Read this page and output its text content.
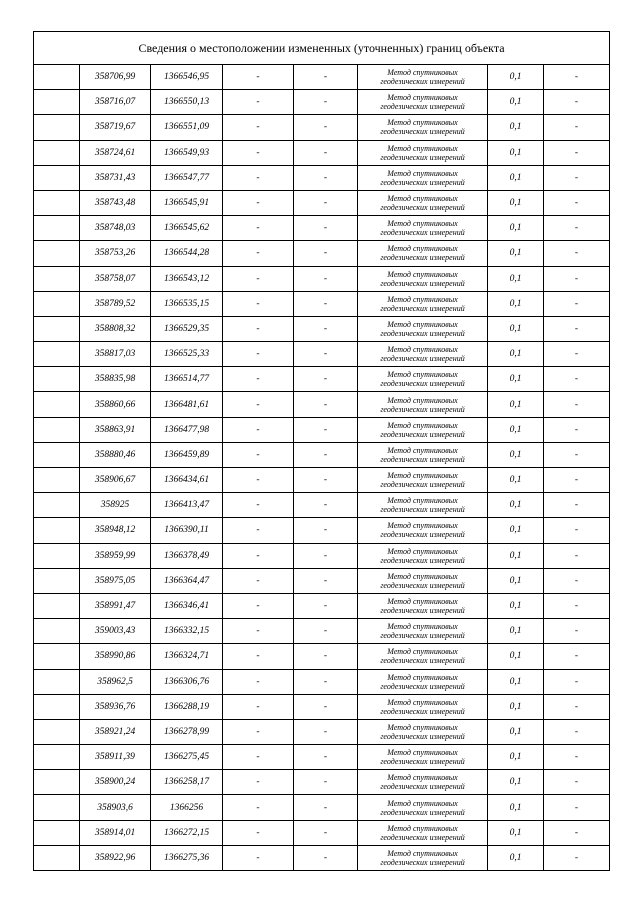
Сведения о местоположении измененных (уточненных) границ объекта							
	358706,99	1366546,95	-	-	Метод спутниковых
геодезических измерений	0,1	-
	358716,07	1366550,13	-	-	Метод спутниковых
геодезических измерений	0,1	-
	358719,67	1366551,09	-	-	Метод спутниковых
геодезических измерений	0,1	-
	358724,61	1366549,93	-	-	Метод спутниковых
геодезических измерений	0,1	-
	358731,43	1366547,77	-	-	Метод спутниковых
геодезических измерений	0,1	-
	358743,48	1366545,91	-	-	Метод спутниковых
геодезических измерений	0,1	-
	358748,03	1366545,62	-	-	Метод спутниковых
геодезических измерений	0,1	-
	358753,26	1366544,28	-	-	Метод спутниковых
геодезических измерений	0,1	-
	358758,07	1366543,12	-	-	Метод спутниковых
геодезических измерений	0,1	-
	358789,52	1366535,15	-	-	Метод спутниковых
геодезических измерений	0,1	-
	358808,32	1366529,35	-	-	Метод спутниковых
геодезических измерений	0,1	-
	358817,03	1366525,33	-	-	Метод спутниковых
геодезических измерений	0,1	-
	358835,98	1366514,77	-	-	Метод спутниковых
геодезических измерений	0,1	-
	358860,66	1366481,61	-	-	Метод спутниковых
геодезических измерений	0,1	-
	358863,91	1366477,98	-	-	Метод спутниковых
геодезических измерений	0,1	-
	358880,46	1366459,89	-	-	Метод спутниковых
геодезических измерений	0,1	-
	358906,67	1366434,61	-	-	Метод спутниковых
геодезических измерений	0,1	-
	358925	1366413,47	-	-	Метод спутниковых
геодезических измерений	0,1	-
	358948,12	1366390,11	-	-	Метод спутниковых
геодезических измерений	0,1	-
	358959,99	1366378,49	-	-	Метод спутниковых
геодезических измерений	0,1	-
	358975,05	1366364,47	-	-	Метод спутниковых
геодезических измерений	0,1	-
	358991,47	1366346,41	-	-	Метод спутниковых
геодезических измерений	0,1	-
	359003,43	1366332,15	-	-	Метод спутниковых
геодезических измерений	0,1	-
	358990,86	1366324,71	-	-	Метод спутниковых
геодезических измерений	0,1	-
	358962,5	1366306,76	-	-	Метод спутниковых
геодезических измерений	0,1	-
	358936,76	1366288,19	-	-	Метод спутниковых
геодезических измерений	0,1	-
	358921,24	1366278,99	-	-	Метод спутниковых
геодезических измерений	0,1	-
	358911,39	1366275,45	-	-	Метод спутниковых
геодезических измерений	0,1	-
	358900,24	1366258,17	-	-	Метод спутниковых
геодезических измерений	0,1	-
	358903,6	1366256	-	-	Метод спутниковых
геодезических измерений	0,1	-
	358914,01	1366272,15	-	-	Метод спутниковых
геодезических измерений	0,1	-
	358922,96	1366275,36	-	-	Метод спутниковых
геодезических измерений	0,1	-
